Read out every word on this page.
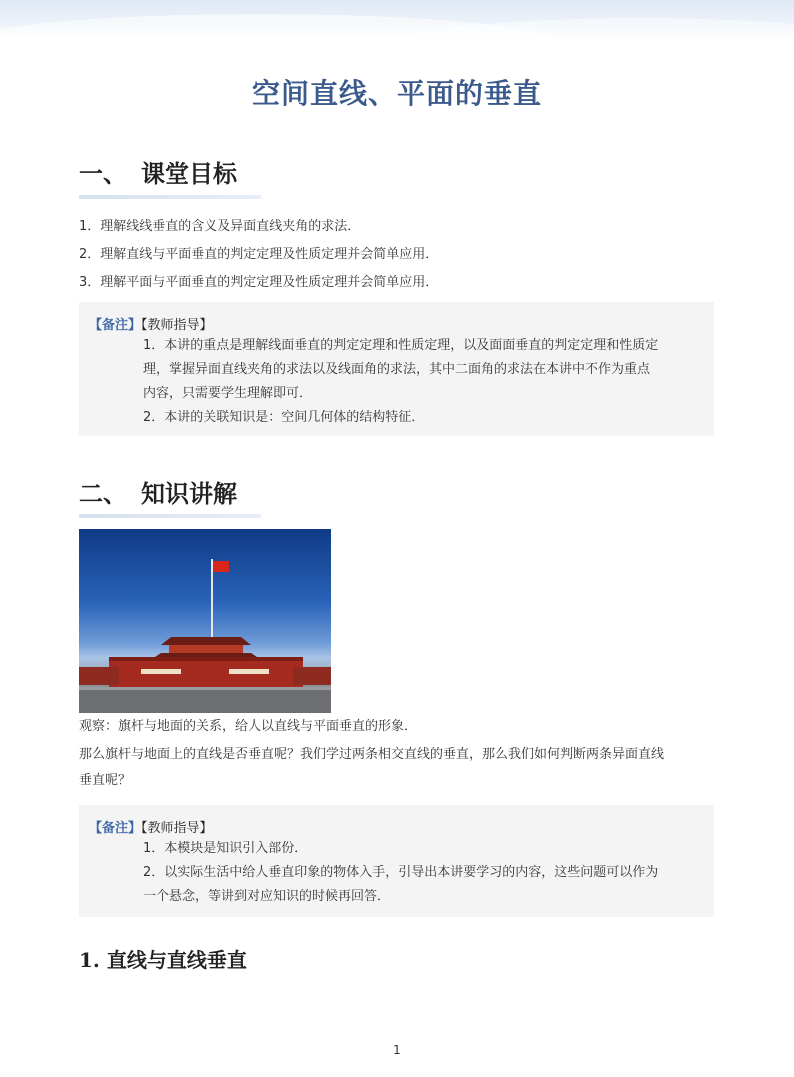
空间直线、平面的垂直
一、 课堂目标
1．理解线线垂直的含义及异面直线夹角的求法．
2．理解直线与平面垂直的判定定理及性质定理并会简单应用．
3．理解平面与平面垂直的判定定理及性质定理并会简单应用．
【备注】【教师指导】
1．本讲的重点是理解线面垂直的判定定理和性质定理，以及面面垂直的判定定理和性质定
理，掌握异面直线夹角的求法以及线面角的求法，其中二面角的求法在本讲中不作为重点
内容，只需要学生理解即可．
2．本讲的关联知识是：空间几何体的结构特征．
二、 知识讲解
观察：旗杆与地面的关系，给人以直线与平面垂直的形象．
那么旗杆与地面上的直线是否垂直呢？我们学过两条相交直线的垂直，那么我们如何判断两条异面直线
垂直呢？
【备注】【教师指导】
1．本模块是知识引入部份．
2．以实际生活中给人垂直印象的物体入手，引导出本讲要学习的内容，这些问题可以作为
一个悬念，等讲到对应知识的时候再回答．
1. 直线与直线垂直
1
